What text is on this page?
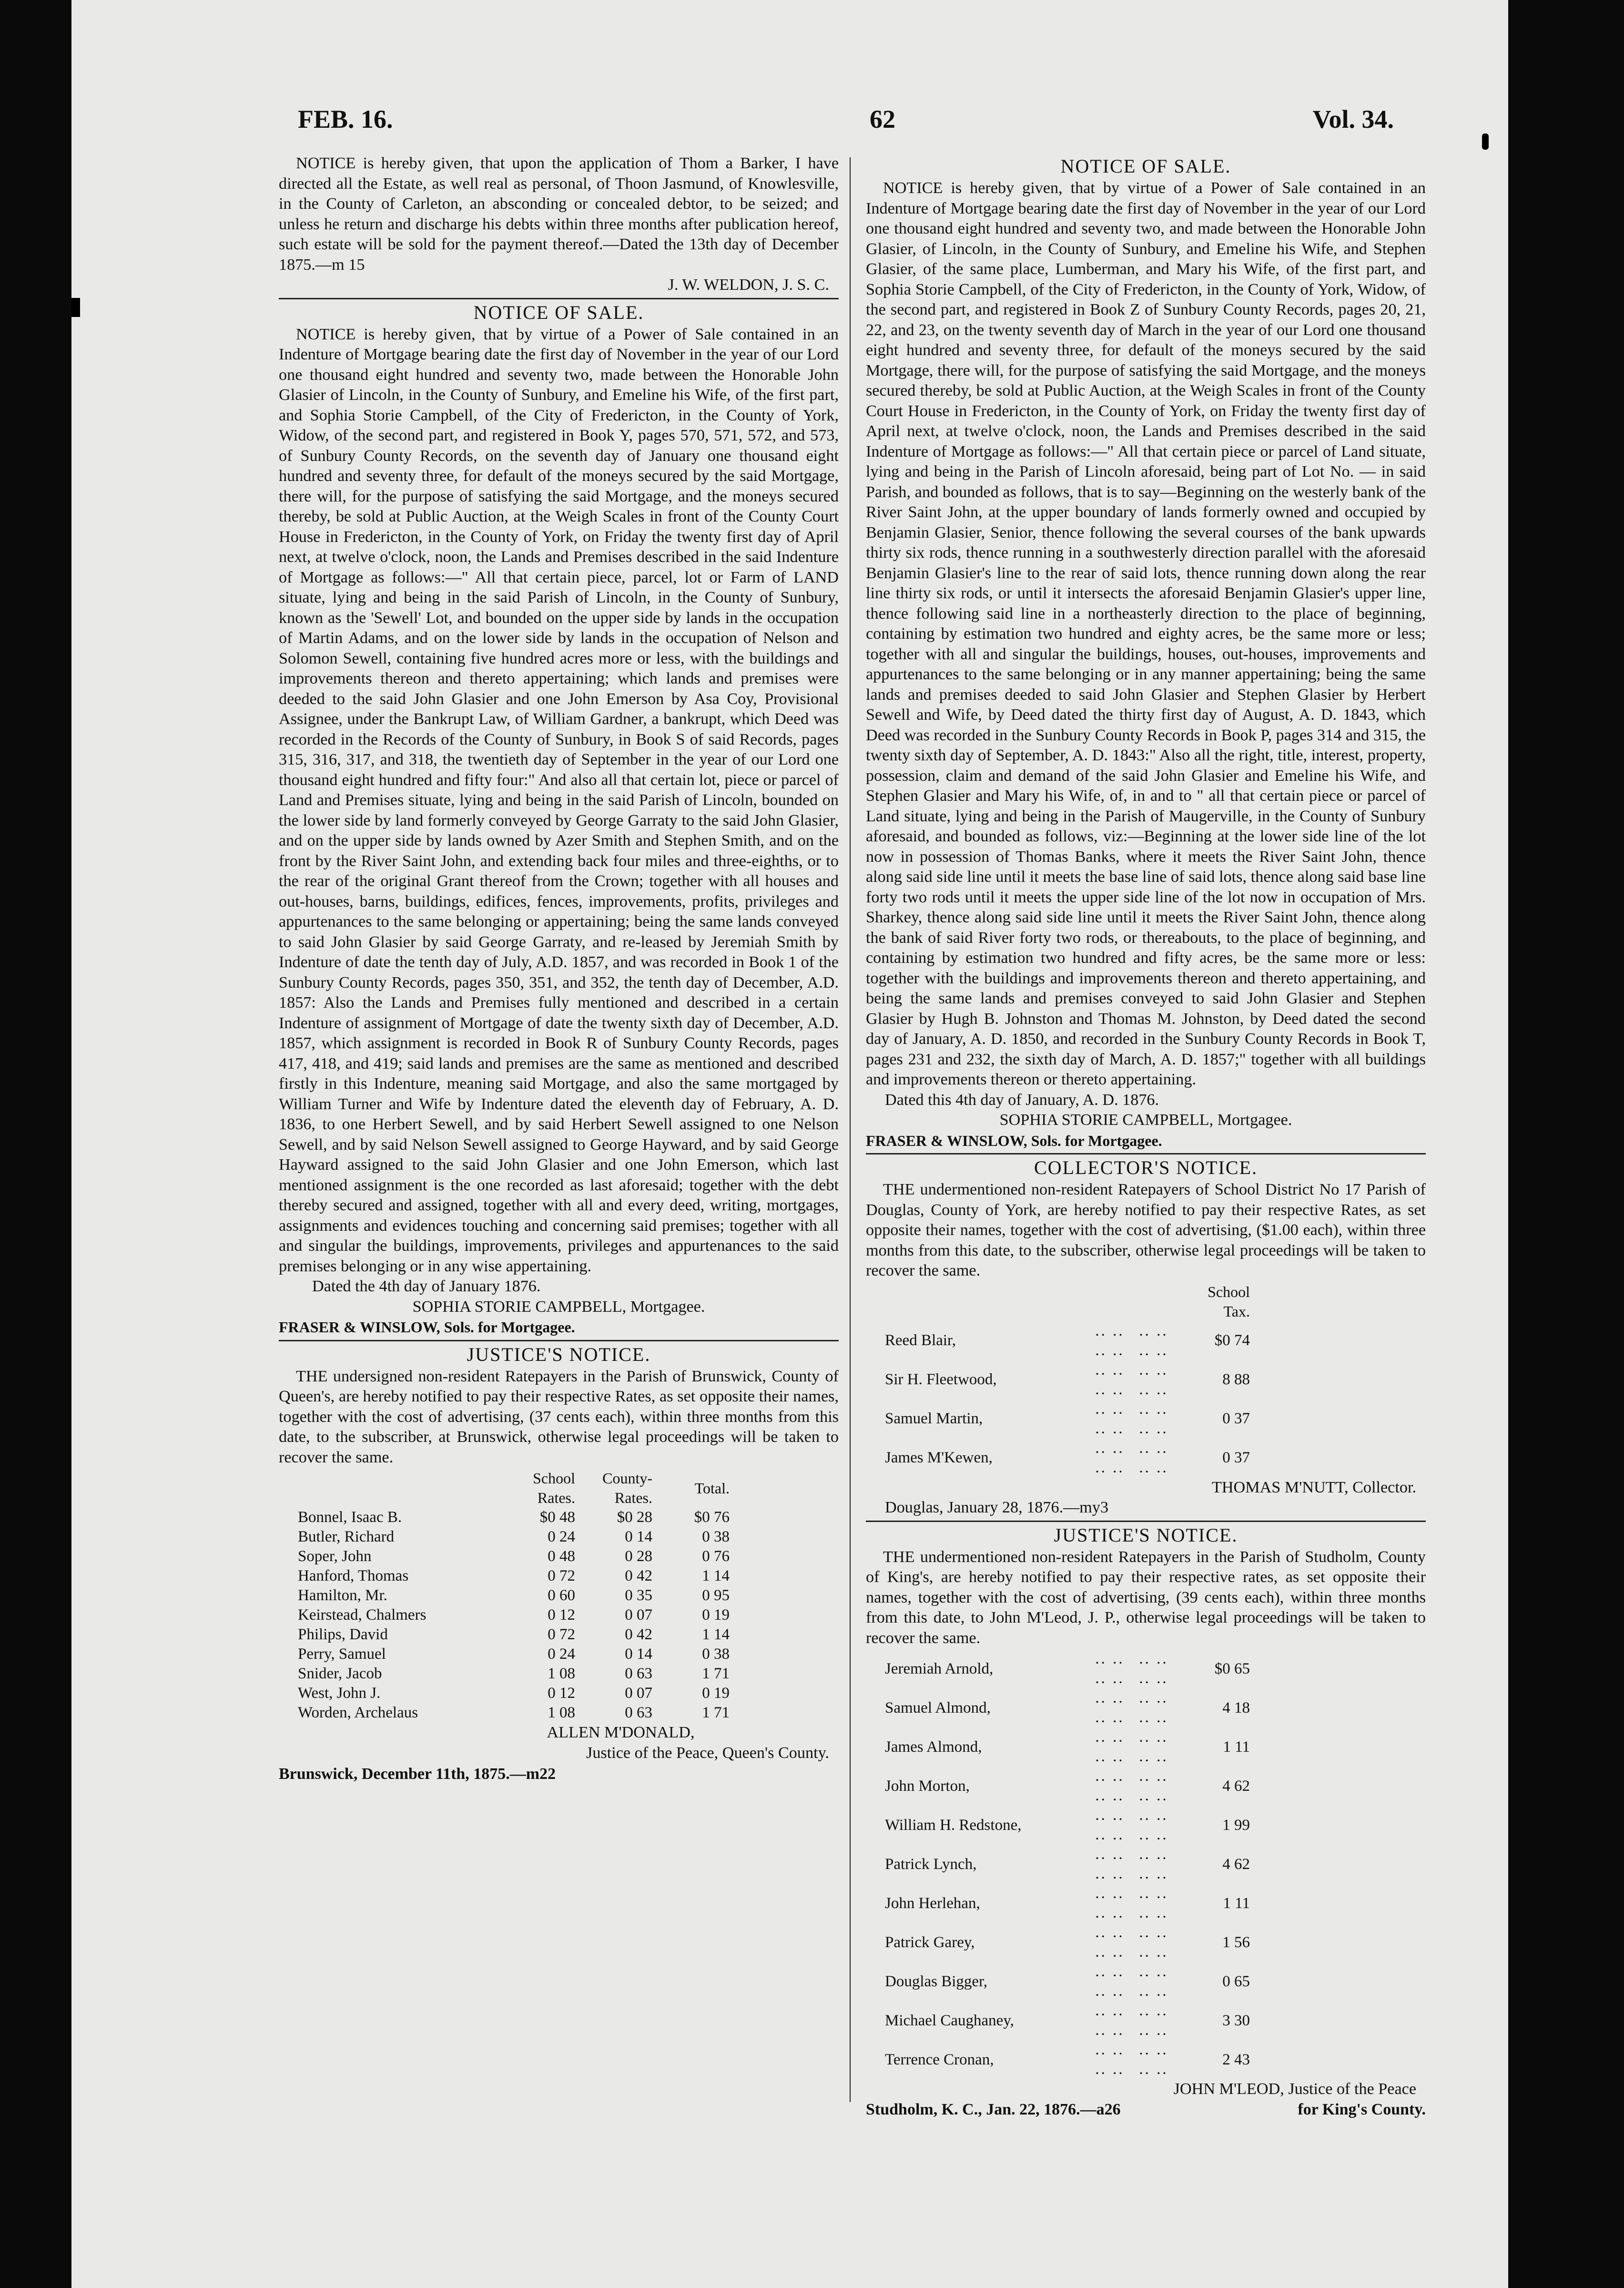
FEB. 16.	62	Vol. 34.

NOTICE is hereby given, that upon the application of Thom a Barker, I have directed all the Estate, as well real as personal, of Thoon Jasmund, of Knowlesville, in the County of Carleton, an absconding or concealed debtor, to be seized; and unless he return and discharge his debts within three months after publication hereof, such estate will be sold for the payment thereof.—Dated the 13th day of December 1875.—m 15

J. W. WELDON, J. S. C.

NOTICE OF SALE.

NOTICE is hereby given, that by virtue of a Power of Sale contained in an Indenture of Mortgage bearing date the first day of November in the year of our Lord one thousand eight hundred and seventy two, made between the Honorable John Glasier of Lincoln, in the County of Sunbury, and Emeline his Wife, of the first part, and Sophia Storie Campbell, of the City of Fredericton, in the County of York, Widow, of the second part, and registered in Book Y, pages 570, 571, 572, and 573, of Sunbury County Records, on the seventh day of January one thousand eight hundred and seventy three, for default of the moneys secured by the said Mortgage, there will, for the purpose of satisfying the said Mortgage, and the moneys secured thereby, be sold at Public Auction, at the Weigh Scales in front of the County Court House in Fredericton, in the County of York, on Friday the twenty first day of April next, at twelve o'clock, noon, the Lands and Premises described in the said Indenture of Mortgage as follows:—" All that certain piece, parcel, lot or Farm of LAND situate, lying and being in the said Parish of Lincoln, in the County of Sunbury, known as the 'Sewell' Lot, and bounded on the upper side by lands in the occupation of Martin Adams, and on the lower side by lands in the occupation of Nelson and Solomon Sewell, containing five hundred acres more or less, with the buildings and improvements thereon and thereto appertaining; which lands and premises were deeded to the said John Glasier and one John Emerson by Asa Coy, Provisional Assignee, under the Bankrupt Law, of William Gardner, a bankrupt, which Deed was recorded in the Records of the County of Sunbury, in Book S of said Records, pages 315, 316, 317, and 318, the twentieth day of September in the year of our Lord one thousand eight hundred and fifty four:" And also all that certain lot, piece or parcel of Land and Premises situate, lying and being in the said Parish of Lincoln, bounded on the lower side by land formerly conveyed by George Garraty to the said John Glasier, and on the upper side by lands owned by Azer Smith and Stephen Smith, and on the front by the River Saint John, and extending back four miles and three-eighths, or to the rear of the original Grant thereof from the Crown; together with all houses and out-houses, barns, buildings, edifices, fences, improvements, profits, privileges and appurtenances to the same belonging or appertaining; being the same lands conveyed to said John Glasier by said George Garraty, and re-leased by Jeremiah Smith by Indenture of date the tenth day of July, A.D. 1857, and was recorded in Book 1 of the Sunbury County Records, pages 350, 351, and 352, the tenth day of December, A.D. 1857: Also the Lands and Premises fully mentioned and described in a certain Indenture of assignment of Mortgage of date the twenty sixth day of December, A.D. 1857, which assignment is recorded in Book R of Sunbury County Records, pages 417, 418, and 419; said lands and premises are the same as mentioned and described firstly in this Indenture, meaning said Mortgage, and also the same mortgaged by William Turner and Wife by Indenture dated the eleventh day of February, A. D. 1836, to one Herbert Sewell, and by said Herbert Sewell assigned to one Nelson Sewell, and by said Nelson Sewell assigned to George Hayward, and by said George Hayward assigned to the said John Glasier and one John Emerson, which last mentioned assignment is the one recorded as last aforesaid; together with the debt thereby secured and assigned, together with all and every deed, writing, mortgages, assignments and evidences touching and concerning said premises; together with all and singular the buildings, improvements, privileges and appurtenances to the said premises belonging or in any wise appertaining.

Dated the 4th day of January 1876.

SOPHIA STORIE CAMPBELL, Mortgagee.

FRASER & WINSLOW, Sols. for Mortgagee.

JUSTICE'S NOTICE.

THE undersigned non-resident Ratepayers in the Parish of Brunswick, County of Queen's, are hereby notified to pay their respective Rates, as set opposite their names, together with the cost of advertising, (37 cents each), within three months from this date, to the subscriber, at Brunswick, otherwise legal proceedings will be taken to recover the same.

	School Rates.	County-Rates.	Total.
Bonnel, Isaac B.	$0 48	$0 28	$0 76
Butler, Richard	0 24	0 14	0 38
Soper, John	0 48	0 28	0 76
Hanford, Thomas	0 72	0 42	1 14
Hamilton, Mr.	0 60	0 35	0 95
Keirstead, Chalmers	0 12	0 07	0 19
Philips, David	0 72	0 42	1 14
Perry, Samuel	0 24	0 14	0 38
Snider, Jacob	1 08	0 63	1 71
West, John J.	0 12	0 07	0 19
Worden, Archelaus	1 08	0 63	1 71

ALLEN M'DONALD,

Justice of the Peace, Queen's County.

Brunswick, December 11th, 1875.—m22

NOTICE OF SALE.

NOTICE is hereby given, that by virtue of a Power of Sale contained in an Indenture of Mortgage bearing date the first day of November in the year of our Lord one thousand eight hundred and seventy two, and made between the Honorable John Glasier, of Lincoln, in the County of Sunbury, and Emeline his Wife, and Stephen Glasier, of the same place, Lumberman, and Mary his Wife, of the first part, and Sophia Storie Campbell, of the City of Fredericton, in the County of York, Widow, of the second part, and registered in Book Z of Sunbury County Records, pages 20, 21, 22, and 23, on the twenty seventh day of March in the year of our Lord one thousand eight hundred and seventy three, for default of the moneys secured by the said Mortgage, there will, for the purpose of satisfying the said Mortgage, and the moneys secured thereby, be sold at Public Auction, at the Weigh Scales in front of the County Court House in Fredericton, in the County of York, on Friday the twenty first day of April next, at twelve o'clock, noon, the Lands and Premises described in the said Indenture of Mortgage as follows:—" All that certain piece or parcel of Land situate, lying and being in the Parish of Lincoln aforesaid, being part of Lot No. — in said Parish, and bounded as follows, that is to say—Beginning on the westerly bank of the River Saint John, at the upper boundary of lands formerly owned and occupied by Benjamin Glasier, Senior, thence following the several courses of the bank upwards thirty six rods, thence running in a southwesterly direction parallel with the aforesaid Benjamin Glasier's line to the rear of said lots, thence running down along the rear line thirty six rods, or until it intersects the aforesaid Benjamin Glasier's upper line, thence following said line in a northeasterly direction to the place of beginning, containing by estimation two hundred and eighty acres, be the same more or less; together with all and singular the buildings, houses, out-houses, improvements and appurtenances to the same belonging or in any manner appertaining; being the same lands and premises deeded to said John Glasier and Stephen Glasier by Herbert Sewell and Wife, by Deed dated the thirty first day of August, A. D. 1843, which Deed was recorded in the Sunbury County Records in Book P, pages 314 and 315, the twenty sixth day of September, A. D. 1843:" Also all the right, title, interest, property, possession, claim and demand of the said John Glasier and Emeline his Wife, and Stephen Glasier and Mary his Wife, of, in and to " all that certain piece or parcel of Land situate, lying and being in the Parish of Maugerville, in the County of Sunbury aforesaid, and bounded as follows, viz:—Beginning at the lower side line of the lot now in possession of Thomas Banks, where it meets the River Saint John, thence along said side line until it meets the base line of said lots, thence along said base line forty two rods until it meets the upper side line of the lot now in occupation of Mrs. Sharkey, thence along said side line until it meets the River Saint John, thence along the bank of said River forty two rods, or thereabouts, to the place of beginning, and containing by estimation two hundred and fifty acres, be the same more or less: together with the buildings and improvements thereon and thereto appertaining, and being the same lands and premises conveyed to said John Glasier and Stephen Glasier by Hugh B. Johnston and Thomas M. Johnston, by Deed dated the second day of January, A. D. 1850, and recorded in the Sunbury County Records in Book T, pages 231 and 232, the sixth day of March, A. D. 1857;" together with all buildings and improvements thereon or thereto appertaining.

Dated this 4th day of January, A. D. 1876.

SOPHIA STORIE CAMPBELL, Mortgagee.

FRASER & WINSLOW, Sols. for Mortgagee.

COLLECTOR'S NOTICE.

THE undermentioned non-resident Ratepayers of School District No 17 Parish of Douglas, County of York, are hereby notified to pay their respective Rates, as set opposite their names, together with the cost of advertising, ($1.00 each), within three months from this date, to the subscriber, otherwise legal proceedings will be taken to recover the same.

			School Tax.
Reed Blair,	.. .. .. ..	.. .. .. ..	$0 74
Sir H. Fleetwood,	.. .. .. ..	.. .. .. ..	8 88
Samuel Martin,	.. .. .. ..	.. .. .. ..	0 37
James M'Kewen,	.. .. .. ..	.. .. .. ..	0 37

THOMAS M'NUTT, Collector.

Douglas, January 28, 1876.—my3

JUSTICE'S NOTICE.

THE undermentioned non-resident Ratepayers in the Parish of Studholm, County of King's, are hereby notified to pay their respective rates, as set opposite their names, together with the cost of advertising, (39 cents each), within three months from this date, to John M'Leod, J. P., otherwise legal proceedings will be taken to recover the same.

Jeremiah Arnold,	.. .. .. ..	.. .. .. ..	$0 65
Samuel Almond,	.. .. .. ..	.. .. .. ..	4 18
James Almond,	.. .. .. ..	.. .. .. ..	1 11
John Morton,	.. .. .. ..	.. .. .. ..	4 62
William H. Redstone,	.. .. .. ..	.. .. .. ..	1 99
Patrick Lynch,	.. .. .. ..	.. .. .. ..	4 62
John Herlehan,	.. .. .. ..	.. .. .. ..	1 11
Patrick Garey,	.. .. .. ..	.. .. .. ..	1 56
Douglas Bigger,	.. .. .. ..	.. .. .. ..	0 65
Michael Caughaney,	.. .. .. ..	.. .. .. ..	3 30
Terrence Cronan,	.. .. .. ..	.. .. .. ..	2 43

JOHN M'LEOD, Justice of the Peace

Studholm, K. C., Jan. 22, 1876.—a26	for King's County.
